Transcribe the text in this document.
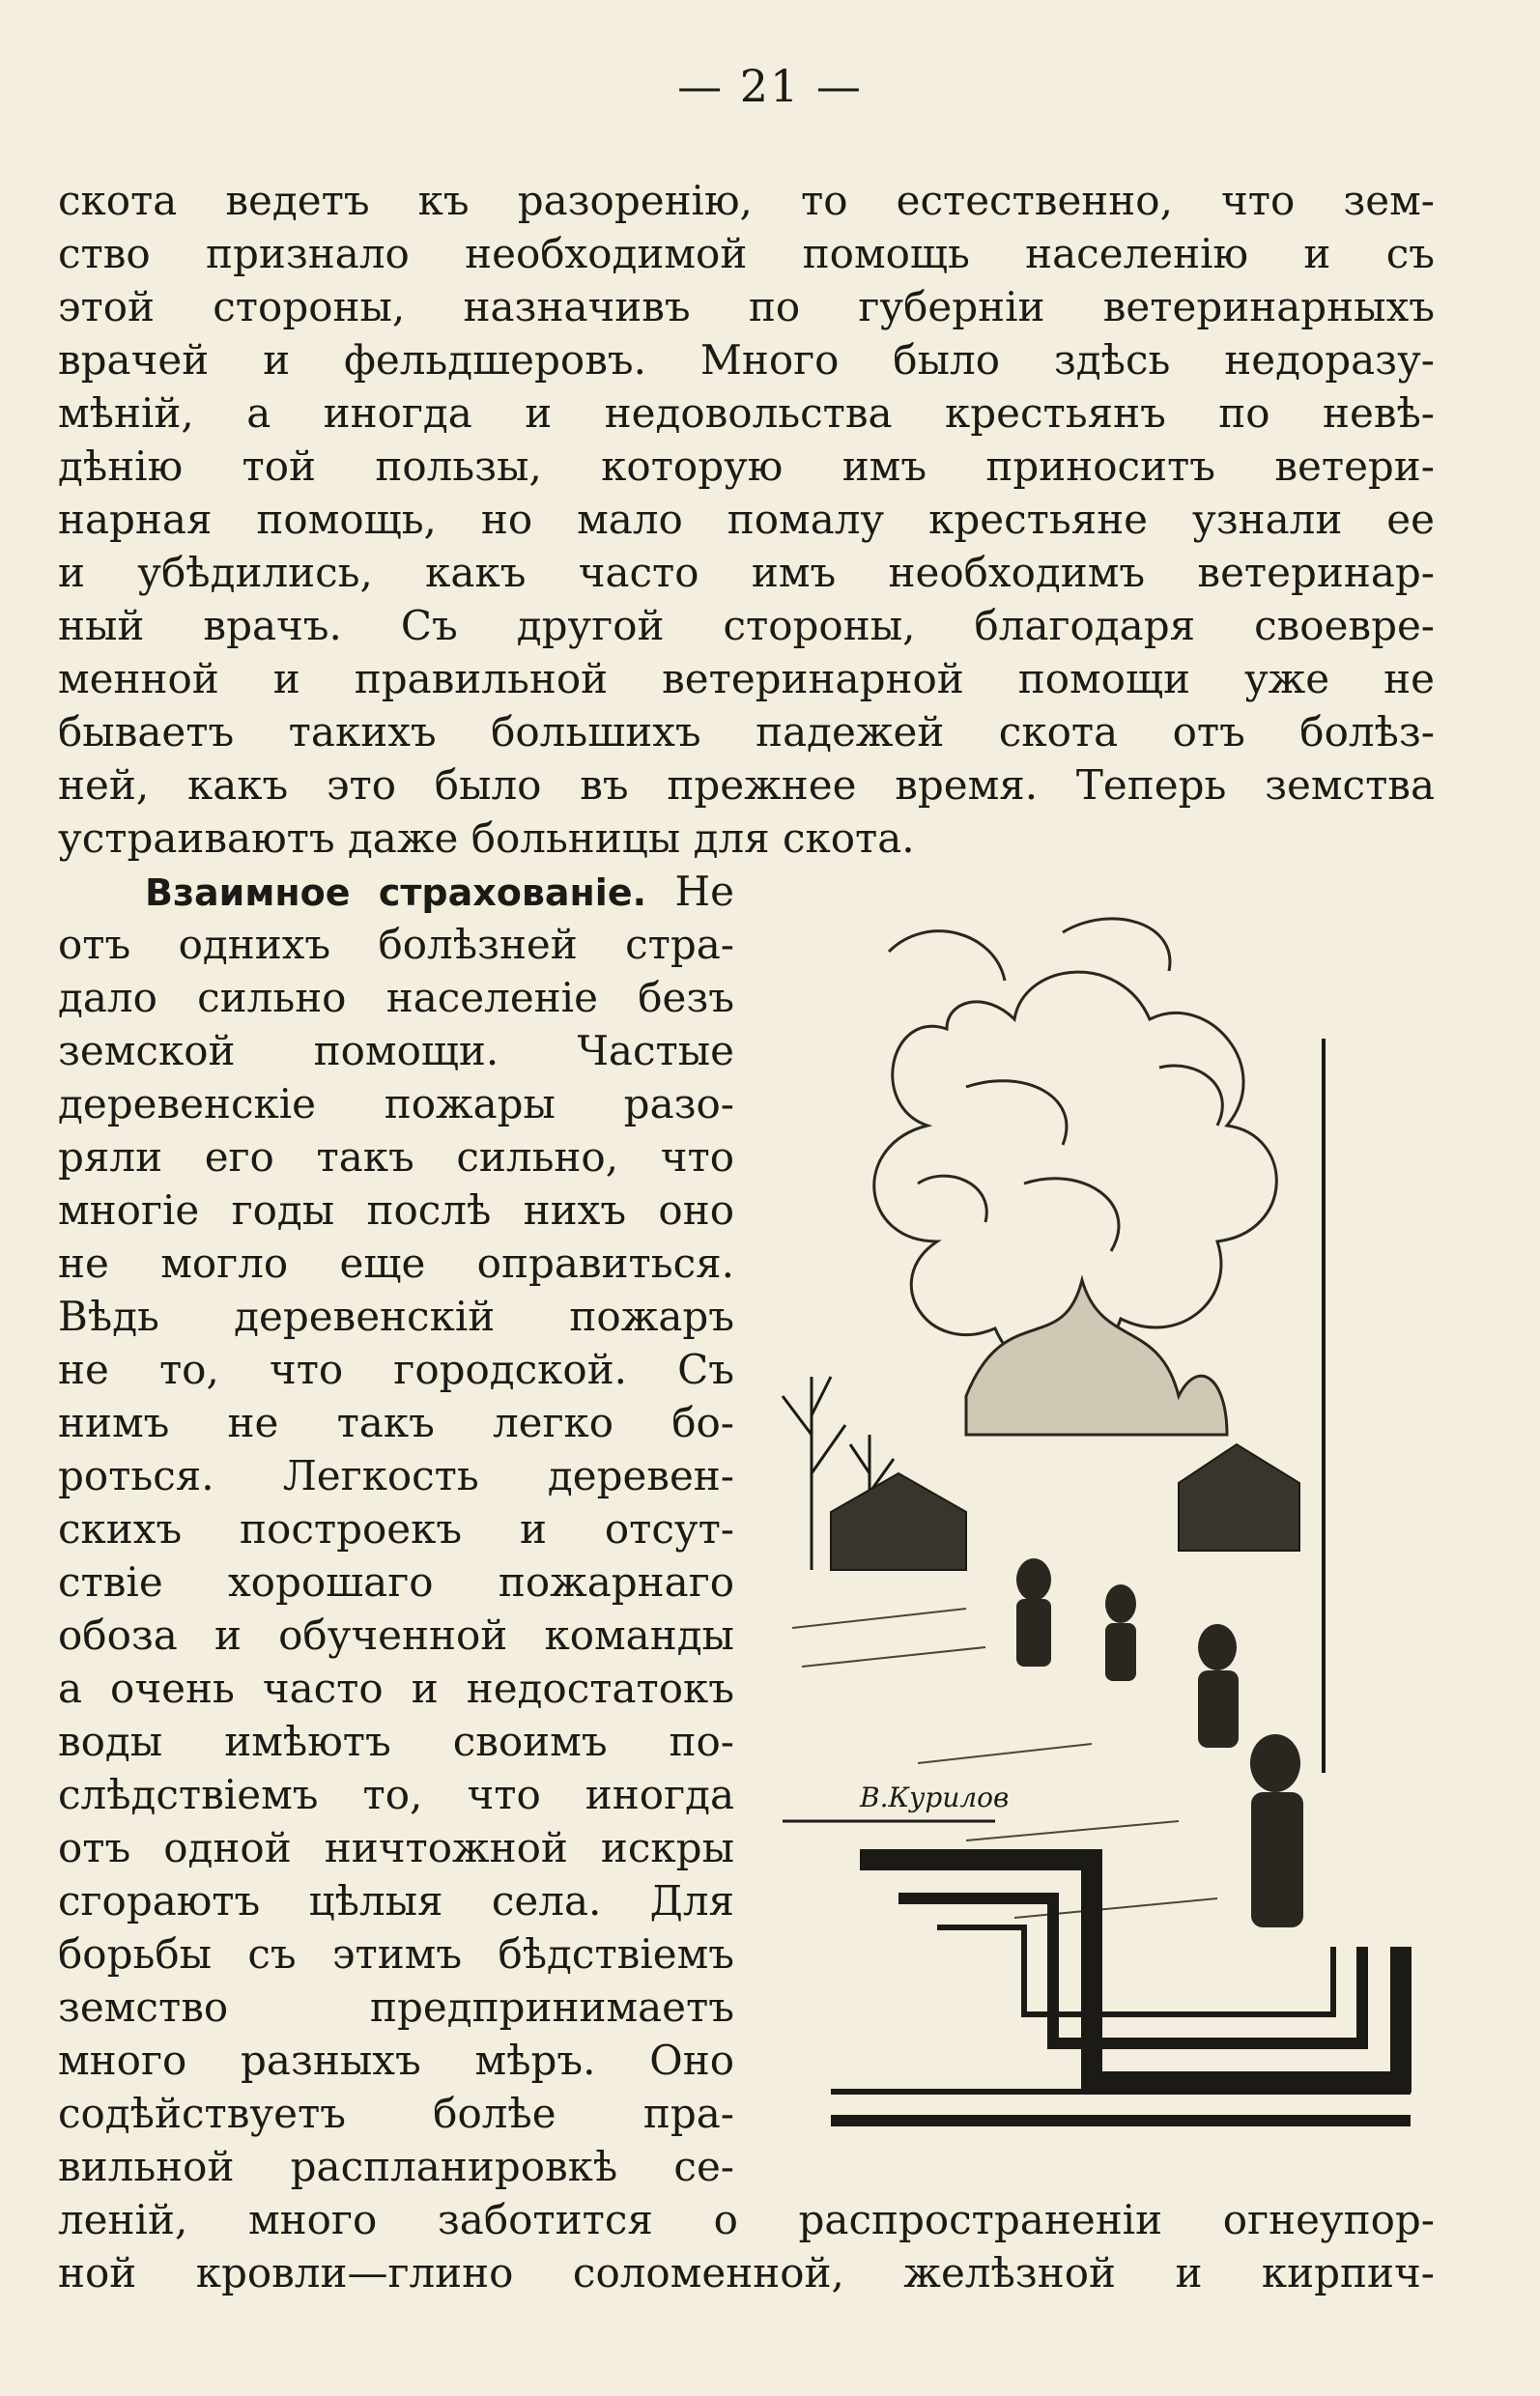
— 21 —
скота ведетъ къ разоренію, то естественно, что зем-
ство признало необходимой помощь населенію и съ
этой стороны, назначивъ по губерніи ветеринарныхъ
врачей и фельдшеровъ. Много было здѣсь недоразу-
мѣній, а иногда и недовольства крестьянъ по невѣ-
дѣнію той пользы, которую имъ приноситъ ветери-
нарная помощь, но мало помалу крестьяне узнали ее
и убѣдились, какъ часто имъ необходимъ ветеринар-
ный врачъ. Съ другой стороны, благодаря своевре-
менной и правильной ветеринарной помощи уже не
бываетъ такихъ большихъ падежей скота отъ болѣз-
ней, какъ это было въ прежнее время. Теперь земства
устраиваютъ даже больницы для скота.
Взаимное страхованіе. Не
отъ однихъ болѣзней стра-
дало сильно населеніе безъ
земской помощи. Частые
деревенскіе пожары разо-
ряли его такъ сильно, что
многіе годы послѣ нихъ оно
не могло еще оправиться.
Вѣдь деревенскій пожаръ
не то, что городской. Съ
нимъ не такъ легко бо-
роться. Легкость деревен-
скихъ построекъ и отсут-
ствіе хорошаго пожарнаго
обоза и обученной команды
а очень часто и недостатокъ
воды имѣютъ своимъ по-
слѣдствіемъ то, что иногда
отъ одной ничтожной искры
сгораютъ цѣлыя села. Для
борьбы съ этимъ бѣдствіемъ
земство предпринимаетъ
много разныхъ мѣръ. Оно
содѣйствуетъ болѣе пра-
вильной распланировкѣ се-
В.Курилов
леній, много заботится о распространеніи огнеупор-
ной кровли—глино соломенной, желѣзной и кирпич-
